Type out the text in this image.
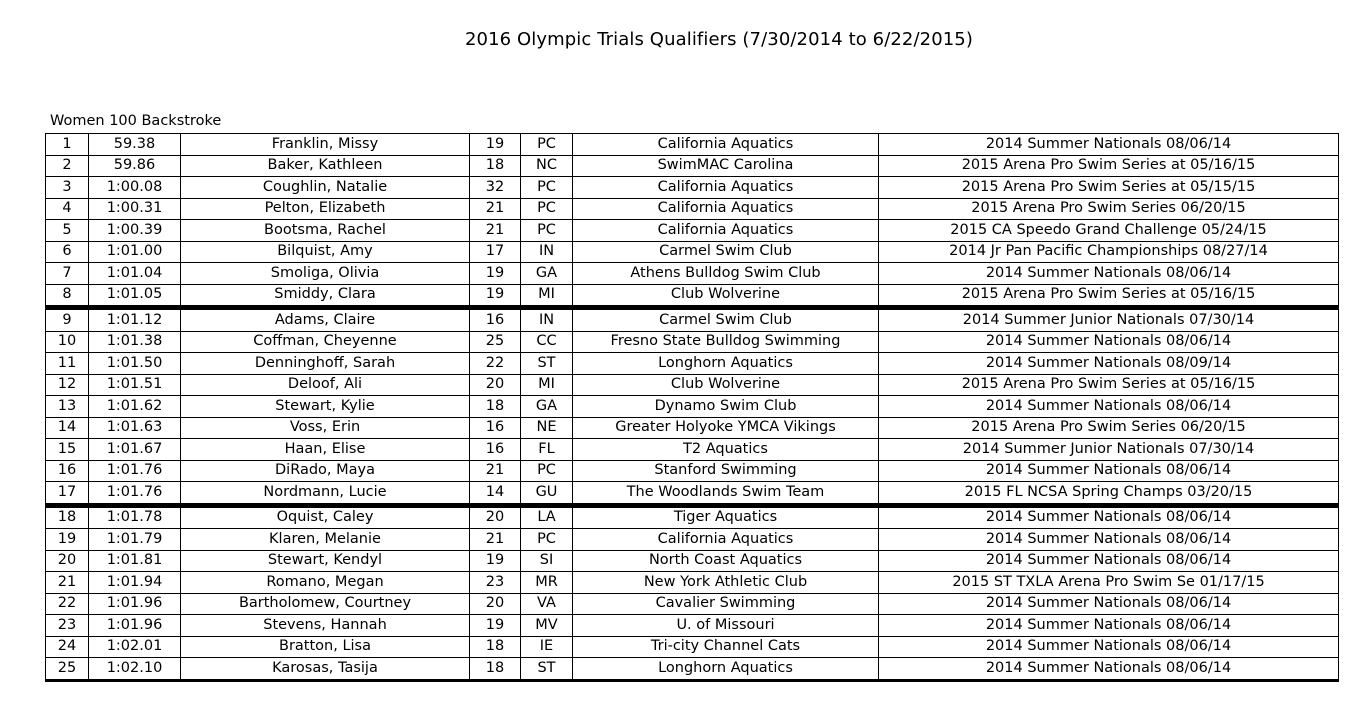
2016 Olympic Trials Qualifiers (7/30/2014 to 6/22/2015)
Women 100 Backstroke
1	59.38	Franklin, Missy	19	PC	California Aquatics	2014 Summer Nationals 08/06/14
2	59.86	Baker, Kathleen	18	NC	SwimMAC Carolina	2015 Arena Pro Swim Series at 05/16/15
3	1:00.08	Coughlin, Natalie	32	PC	California Aquatics	2015 Arena Pro Swim Series at 05/15/15
4	1:00.31	Pelton, Elizabeth	21	PC	California Aquatics	2015 Arena Pro Swim Series 06/20/15
5	1:00.39	Bootsma, Rachel	21	PC	California Aquatics	2015 CA Speedo Grand Challenge 05/24/15
6	1:01.00	Bilquist, Amy	17	IN	Carmel Swim Club	2014 Jr Pan Pacific Championships 08/27/14
7	1:01.04	Smoliga, Olivia	19	GA	Athens Bulldog Swim Club	2014 Summer Nationals 08/06/14
8	1:01.05	Smiddy, Clara	19	MI	Club Wolverine	2015 Arena Pro Swim Series at 05/16/15
9	1:01.12	Adams, Claire	16	IN	Carmel Swim Club	2014 Summer Junior Nationals 07/30/14
10	1:01.38	Coffman, Cheyenne	25	CC	Fresno State Bulldog Swimming	2014 Summer Nationals 08/06/14
11	1:01.50	Denninghoff, Sarah	22	ST	Longhorn Aquatics	2014 Summer Nationals 08/09/14
12	1:01.51	Deloof, Ali	20	MI	Club Wolverine	2015 Arena Pro Swim Series at 05/16/15
13	1:01.62	Stewart, Kylie	18	GA	Dynamo Swim Club	2014 Summer Nationals 08/06/14
14	1:01.63	Voss, Erin	16	NE	Greater Holyoke YMCA Vikings	2015 Arena Pro Swim Series 06/20/15
15	1:01.67	Haan, Elise	16	FL	T2 Aquatics	2014 Summer Junior Nationals 07/30/14
16	1:01.76	DiRado, Maya	21	PC	Stanford Swimming	2014 Summer Nationals 08/06/14
17	1:01.76	Nordmann, Lucie	14	GU	The Woodlands Swim Team	2015 FL NCSA Spring Champs 03/20/15
18	1:01.78	Oquist, Caley	20	LA	Tiger Aquatics	2014 Summer Nationals 08/06/14
19	1:01.79	Klaren, Melanie	21	PC	California Aquatics	2014 Summer Nationals 08/06/14
20	1:01.81	Stewart, Kendyl	19	SI	North Coast Aquatics	2014 Summer Nationals 08/06/14
21	1:01.94	Romano, Megan	23	MR	New York Athletic Club	2015 ST TXLA Arena Pro Swim Se 01/17/15
22	1:01.96	Bartholomew, Courtney	20	VA	Cavalier Swimming	2014 Summer Nationals 08/06/14
23	1:01.96	Stevens, Hannah	19	MV	U. of Missouri	2014 Summer Nationals 08/06/14
24	1:02.01	Bratton, Lisa	18	IE	Tri-city Channel Cats	2014 Summer Nationals 08/06/14
25	1:02.10	Karosas, Tasija	18	ST	Longhorn Aquatics	2014 Summer Nationals 08/06/14
